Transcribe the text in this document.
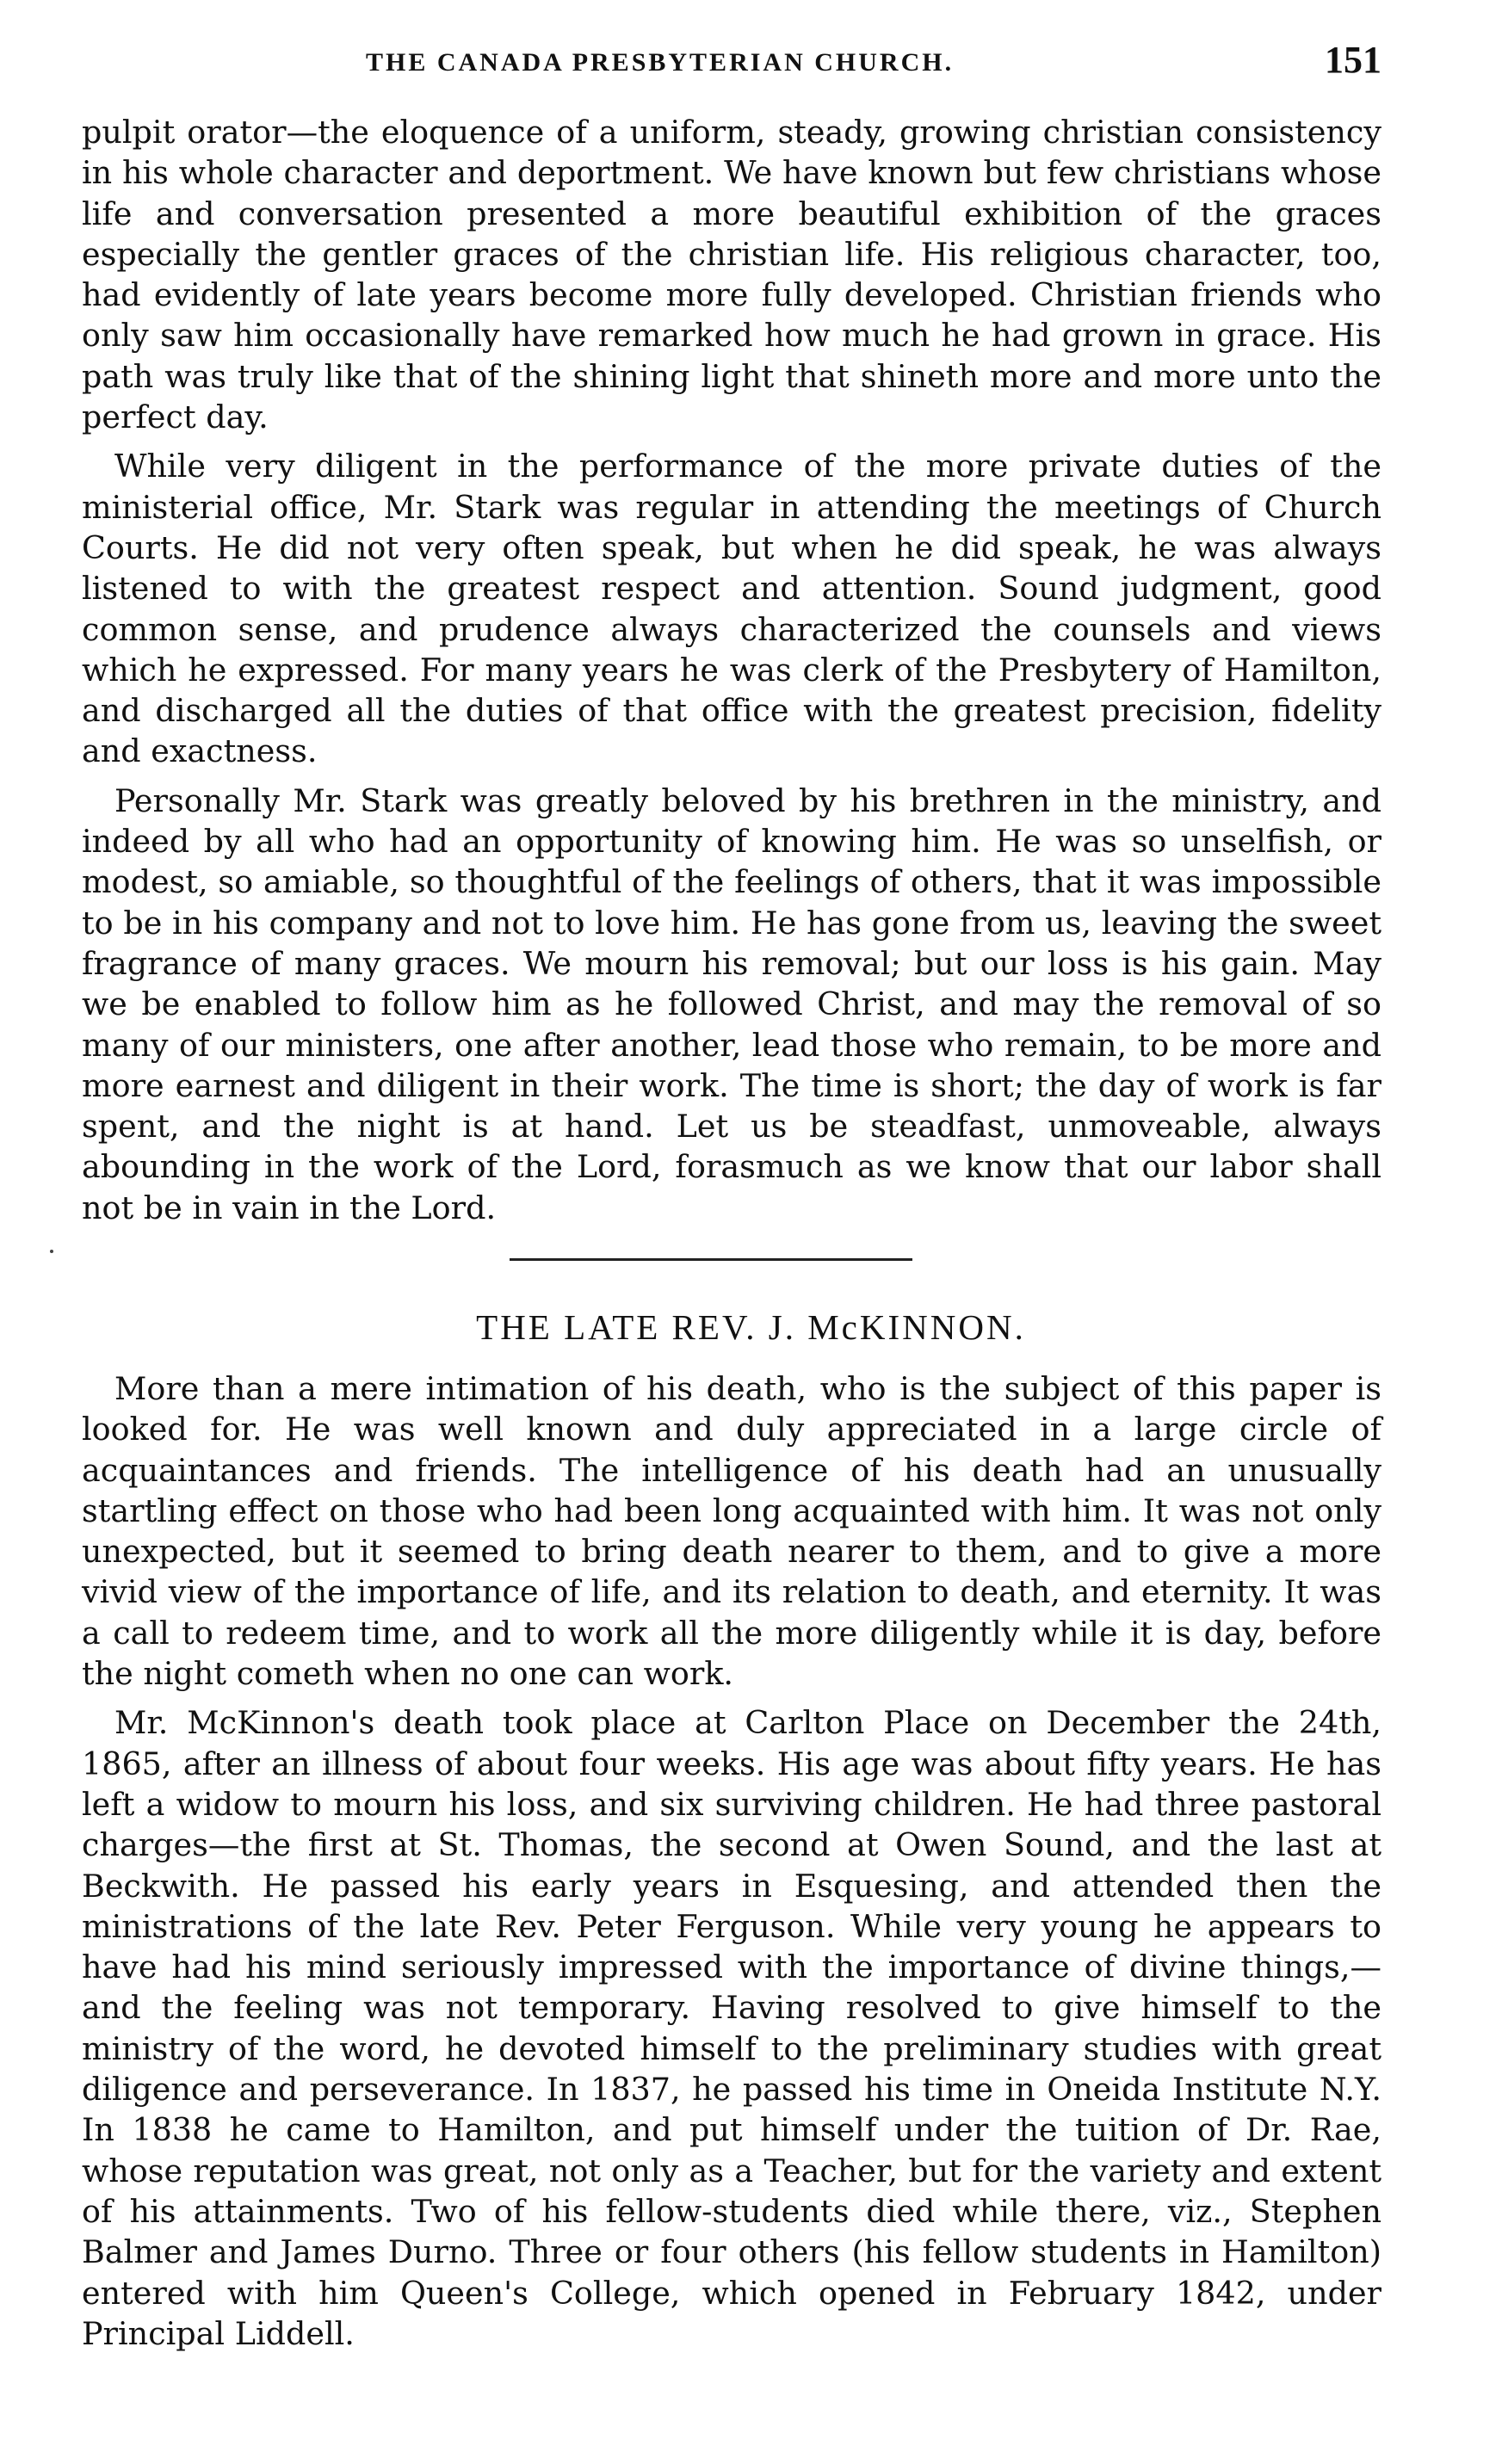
THE CANADA PRESBYTERIAN CHURCH.	151

pulpit orator—the eloquence of a uniform, steady, growing christian consistency in his whole character and deportment. We have known but few christians whose life and conversation presented a more beautiful exhibition of the graces especially the gentler graces of the christian life. His religious character, too, had evidently of late years become more fully developed. Christian friends who only saw him occasionally have remarked how much he had grown in grace. His path was truly like that of the shining light that shineth more and more unto the perfect day.

While very diligent in the performance of the more private duties of the ministerial office, Mr. Stark was regular in attending the meetings of Church Courts. He did not very often speak, but when he did speak, he was always listened to with the greatest respect and attention. Sound judgment, good common sense, and prudence always characterized the counsels and views which he expressed. For many years he was clerk of the Presbytery of Hamilton, and discharged all the duties of that office with the greatest precision, fidelity and exactness.

Personally Mr. Stark was greatly beloved by his brethren in the ministry, and indeed by all who had an opportunity of knowing him. He was so unselfish, or modest, so amiable, so thoughtful of the feelings of others, that it was impossible to be in his company and not to love him. He has gone from us, leaving the sweet fragrance of many graces. We mourn his removal; but our loss is his gain. May we be enabled to follow him as he followed Christ, and may the removal of so many of our ministers, one after another, lead those who remain, to be more and more earnest and diligent in their work. The time is short; the day of work is far spent, and the night is at hand. Let us be steadfast, unmoveable, always abounding in the work of the Lord, forasmuch as we know that our labor shall not be in vain in the Lord.

THE LATE REV. J. McKINNON.

More than a mere intimation of his death, who is the subject of this paper is looked for. He was well known and duly appreciated in a large circle of acquaintances and friends. The intelligence of his death had an unusually startling effect on those who had been long acquainted with him. It was not only unexpected, but it seemed to bring death nearer to them, and to give a more vivid view of the importance of life, and its relation to death, and eternity. It was a call to redeem time, and to work all the more diligently while it is day, before the night cometh when no one can work.

Mr. McKinnon's death took place at Carlton Place on December the 24th, 1865, after an illness of about four weeks. His age was about fifty years. He has left a widow to mourn his loss, and six surviving children. He had three pastoral charges—the first at St. Thomas, the second at Owen Sound, and the last at Beckwith. He passed his early years in Esquesing, and attended then the ministrations of the late Rev. Peter Ferguson. While very young he appears to have had his mind seriously impressed with the importance of divine things,—and the feeling was not temporary. Having resolved to give himself to the ministry of the word, he devoted himself to the preliminary studies with great diligence and perseverance. In 1837, he passed his time in Oneida Institute N.Y. In 1838 he came to Hamilton, and put himself under the tuition of Dr. Rae, whose reputation was great, not only as a Teacher, but for the variety and extent of his attainments. Two of his fellow-students died while there, viz., Stephen Balmer and James Durno. Three or four others (his fellow students in Hamilton) entered with him Queen's College, which opened in February 1842, under Principal Liddell.
